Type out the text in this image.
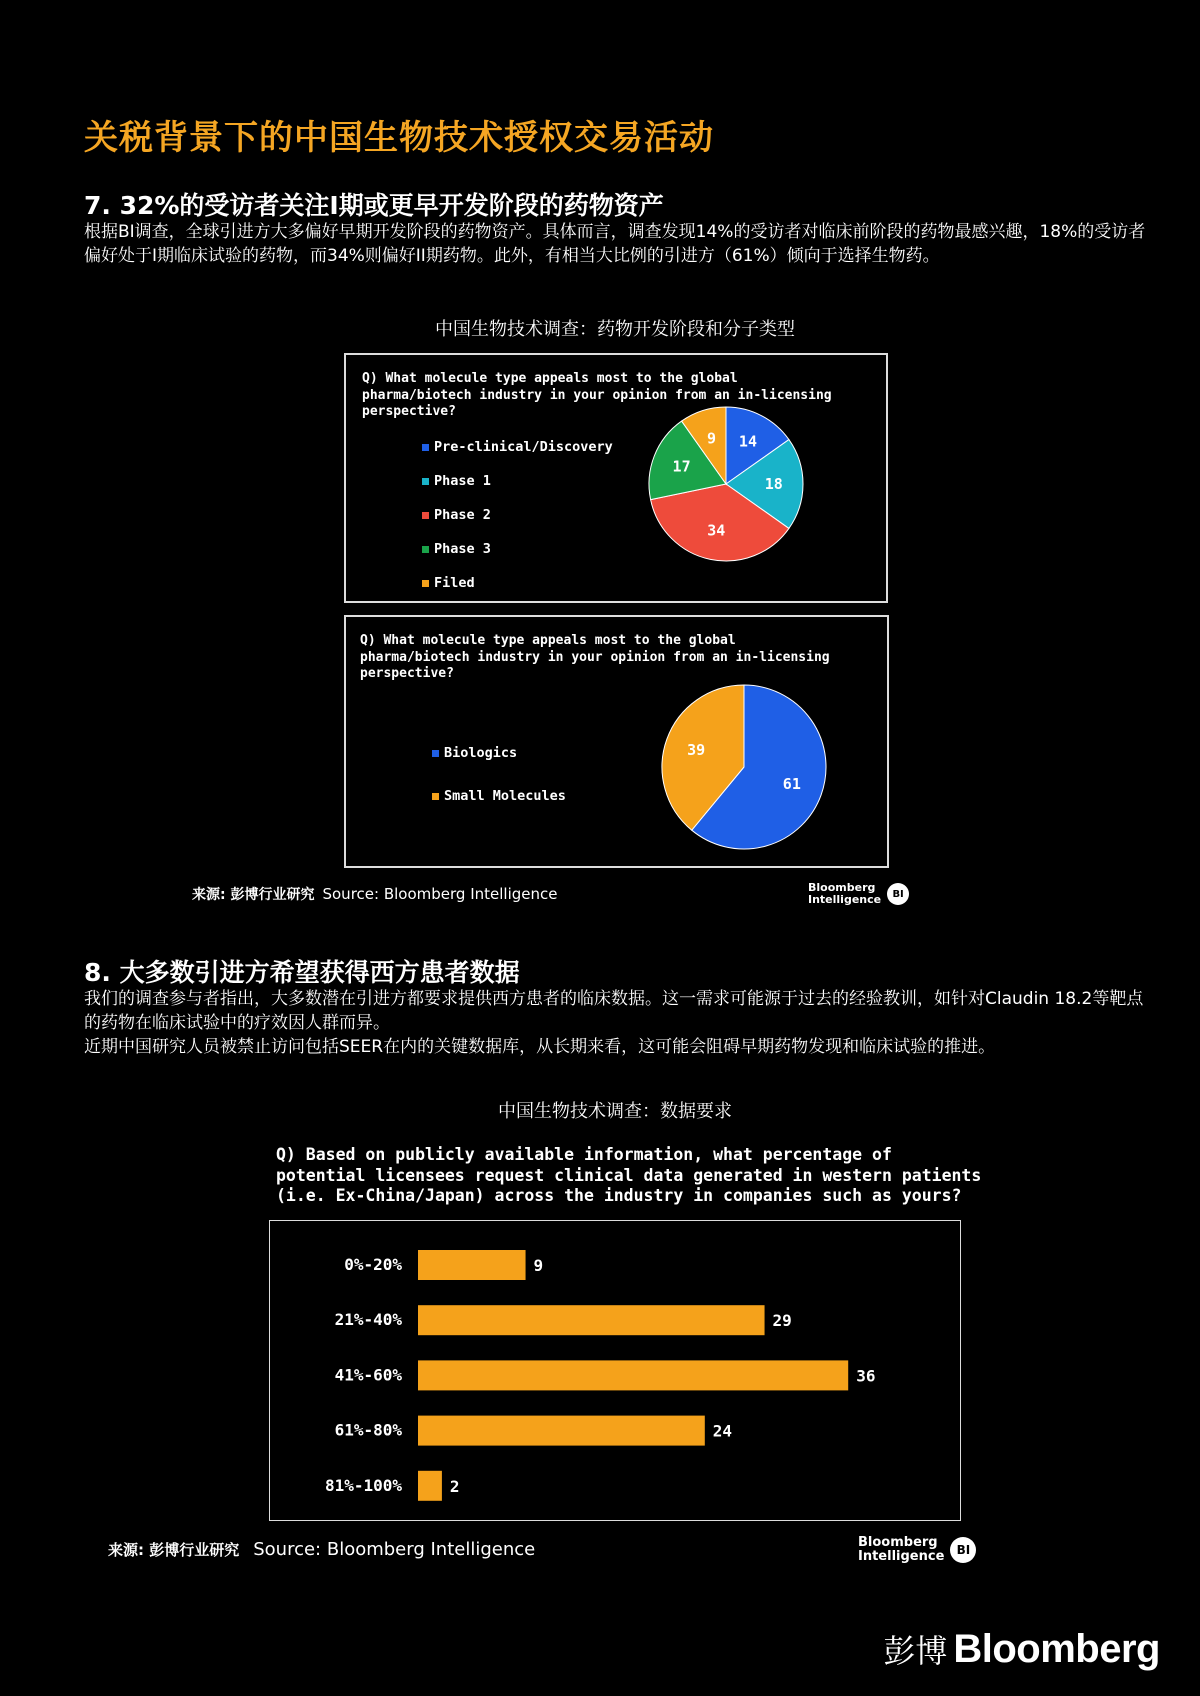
关税背景下的中国生物技术授权交易活动
7. 32%的受访者关注I期或更早开发阶段的药物资产

根据BI调查，全球引进方大多偏好早期开发阶段的药物资产。具体而言，调查发现14%的受访者对临床前阶段的药物最感兴趣，18%的受访者偏好处于I期临床试验的药物，而34%则偏好II期药物。此外，有相当大比例的引进方（61%）倾向于选择生物药。

中国生物技术调查：药物开发阶段和分子类型
Q) What molecule type appeals most to the global
pharma/biotech industry in your opinion from an in-licensing
perspective?
Pre-clinical/Discovery
Phase 1
Phase 2
Phase 3
Filed
14
18
34
17
9
Q) What molecule type appeals most to the global
pharma/biotech industry in your opinion from an in-licensing
perspective?
Biologics
Small Molecules
61
39
来源: 彭博行业研究 Source: Bloomberg Intelligence	Bloomberg
Intelligence	BI
8. 大多数引进方希望获得西方患者数据

我们的调查参与者指出，大多数潜在引进方都要求提供西方患者的临床数据。这一需求可能源于过去的经验教训，如针对Claudin 18.2等靶点的药物在临床试验中的疗效因人群而异。

近期中国研究人员被禁止访问包括SEER在内的关键数据库，从长期来看，这可能会阻碍早期药物发现和临床试验的推进。

中国生物技术调查：数据要求
Q) Based on publicly available information, what percentage of
potential licensees request clinical data generated in western patients
(i.e. Ex-China/Japan) across the industry in companies such as yours?
0%-20%	9
21%-40%	29
41%-60%	36
61%-80%	24
81%-100%	2
来源: 彭博行业研究 Source: Bloomberg Intelligence	Bloomberg
Intelligence	BI
彭博 Bloomberg
